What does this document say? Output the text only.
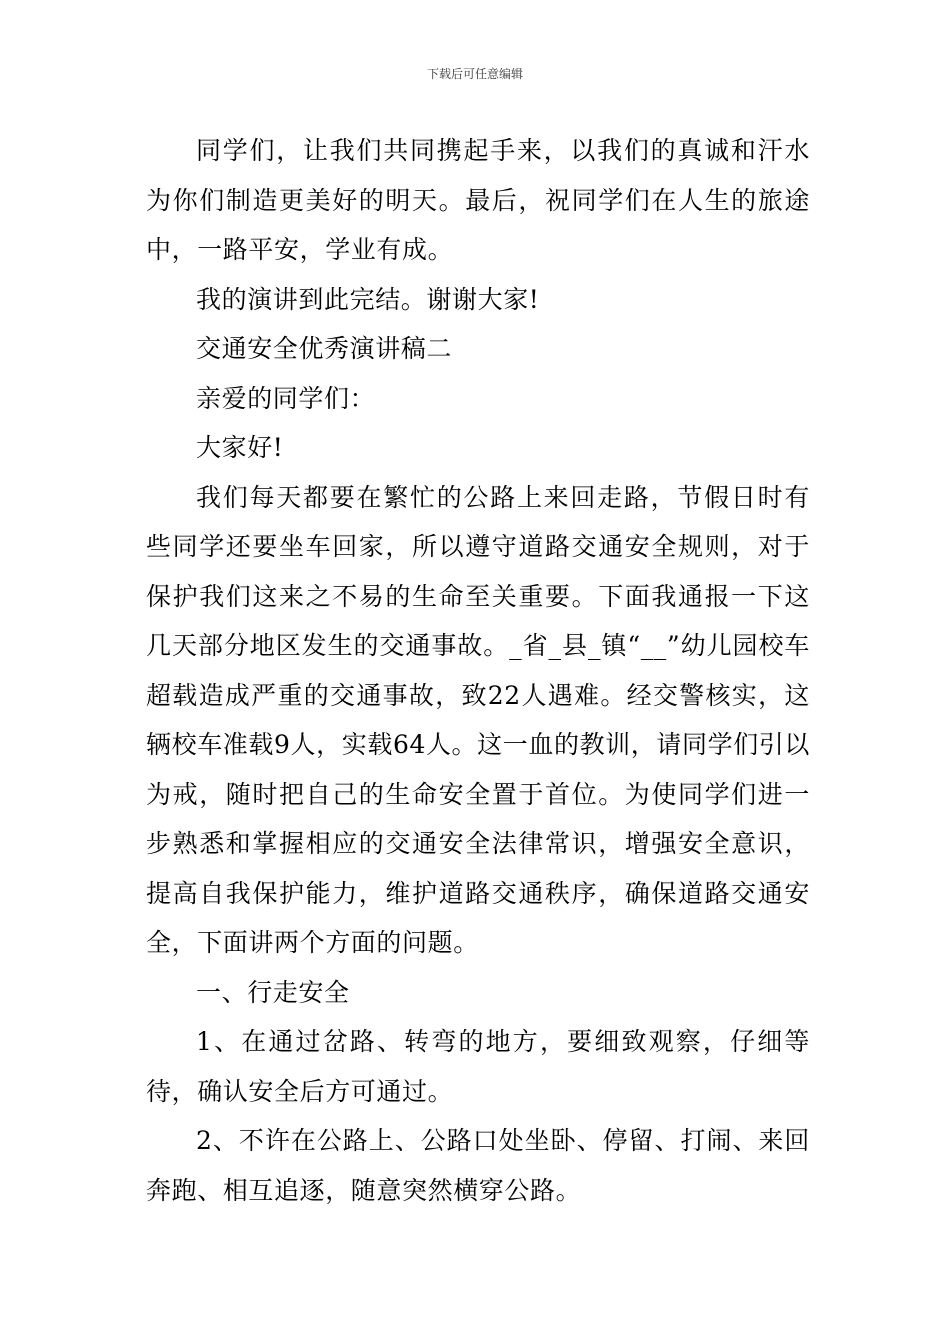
下载后可任意编辑

同学们，让我们共同携起手来，以我们的真诚和汗水为你们制造更美好的明天。最后，祝同学们在人生的旅途中，一路平安，学业有成。

我的演讲到此完结。谢谢大家!

交通安全优秀演讲稿二

亲爱的同学们：

大家好!

我们每天都要在繁忙的公路上来回走路，节假日时有些同学还要坐车回家，所以遵守道路交通安全规则，对于保护我们这来之不易的生命至关重要。下面我通报一下这几天部分地区发生的交通事故。_省_县_镇“__”幼儿园校车超载造成严重的交通事故，致22人遇难。经交警核实，这辆校车准载9人，实载64人。这一血的教训，请同学们引以为戒，随时把自己的生命安全置于首位。为使同学们进一步熟悉和掌握相应的交通安全法律常识，增强安全意识，提高自我保护能力，维护道路交通秩序，确保道路交通安全，下面讲两个方面的问题。

一、行走安全

1、在通过岔路、转弯的地方，要细致观察，仔细等待，确认安全后方可通过。

2、不许在公路上、公路口处坐卧、停留、打闹、来回奔跑、相互追逐，随意突然横穿公路。
